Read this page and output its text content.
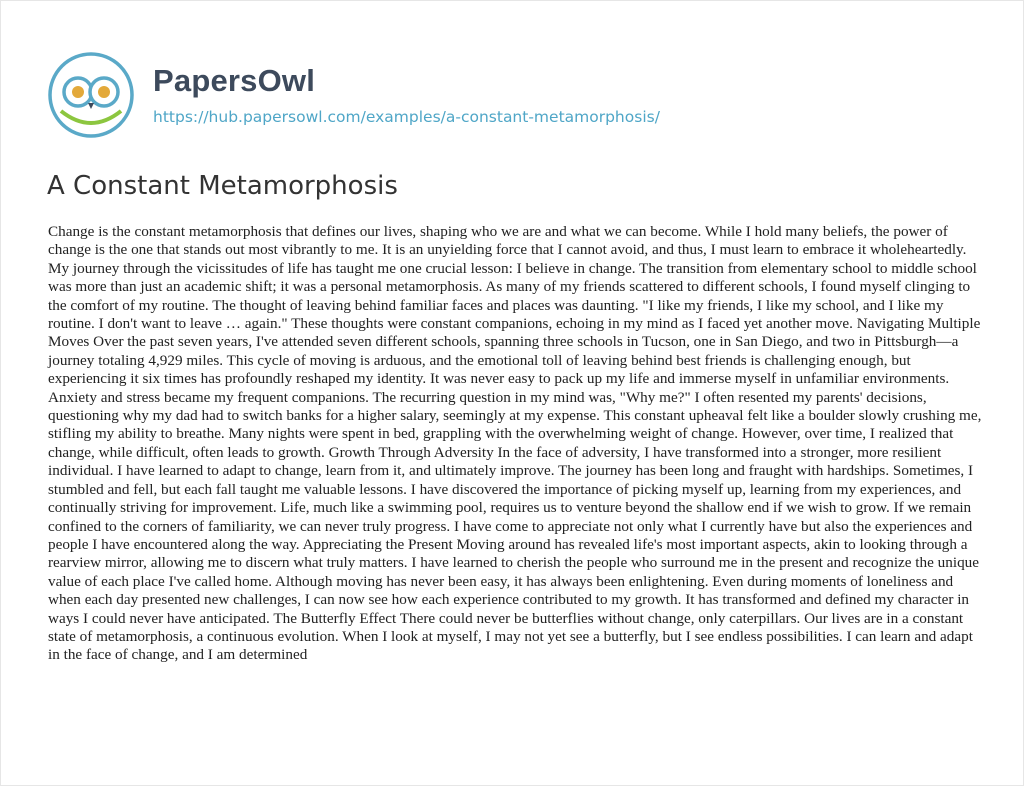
PapersOwl
https://hub.papersowl.com/examples/a-constant-metamorphosis/
A Constant Metamorphosis

Change is the constant metamorphosis that defines our lives, shaping who we are and what we can become. While I hold many beliefs, the power of change is the one that stands out most vibrantly to me. It is an unyielding force that I cannot avoid, and thus, I must learn to embrace it wholeheartedly. My journey through the vicissitudes of life has taught me one crucial lesson: I believe in change. The transition from elementary school to middle school was more than just an academic shift; it was a personal metamorphosis. As many of my friends scattered to different schools, I found myself clinging to the comfort of my routine. The thought of leaving behind familiar faces and places was daunting. "I like my friends, I like my school, and I like my routine. I don't want to leave … again." These thoughts were constant companions, echoing in my mind as I faced yet another move. Navigating Multiple Moves Over the past seven years, I've attended seven different schools, spanning three schools in Tucson, one in San Diego, and two in Pittsburgh—a journey totaling 4,929 miles. This cycle of moving is arduous, and the emotional toll of leaving behind best friends is challenging enough, but experiencing it six times has profoundly reshaped my identity. It was never easy to pack up my life and immerse myself in unfamiliar environments. Anxiety and stress became my frequent companions. The recurring question in my mind was, "Why me?" I often resented my parents' decisions, questioning why my dad had to switch banks for a higher salary, seemingly at my expense. This constant upheaval felt like a boulder slowly crushing me, stifling my ability to breathe. Many nights were spent in bed, grappling with the overwhelming weight of change. However, over time, I realized that change, while difficult, often leads to growth. Growth Through Adversity In the face of adversity, I have transformed into a stronger, more resilient individual. I have learned to adapt to change, learn from it, and ultimately improve. The journey has been long and fraught with hardships. Sometimes, I stumbled and fell, but each fall taught me valuable lessons. I have discovered the importance of picking myself up, learning from my experiences, and continually striving for improvement. Life, much like a swimming pool, requires us to venture beyond the shallow end if we wish to grow. If we remain confined to the corners of familiarity, we can never truly progress. I have come to appreciate not only what I currently have but also the experiences and people I have encountered along the way. Appreciating the Present Moving around has revealed life's most important aspects, akin to looking through a rearview mirror, allowing me to discern what truly matters. I have learned to cherish the people who surround me in the present and recognize the unique value of each place I've called home. Although moving has never been easy, it has always been enlightening. Even during moments of loneliness and when each day presented new challenges, I can now see how each experience contributed to my growth. It has transformed and defined my character in ways I could never have anticipated. The Butterfly Effect There could never be butterflies without change, only caterpillars. Our lives are in a constant state of metamorphosis, a continuous evolution. When I look at myself, I may not yet see a butterfly, but I see endless possibilities. I can learn and adapt in the face of change, and I am determined
